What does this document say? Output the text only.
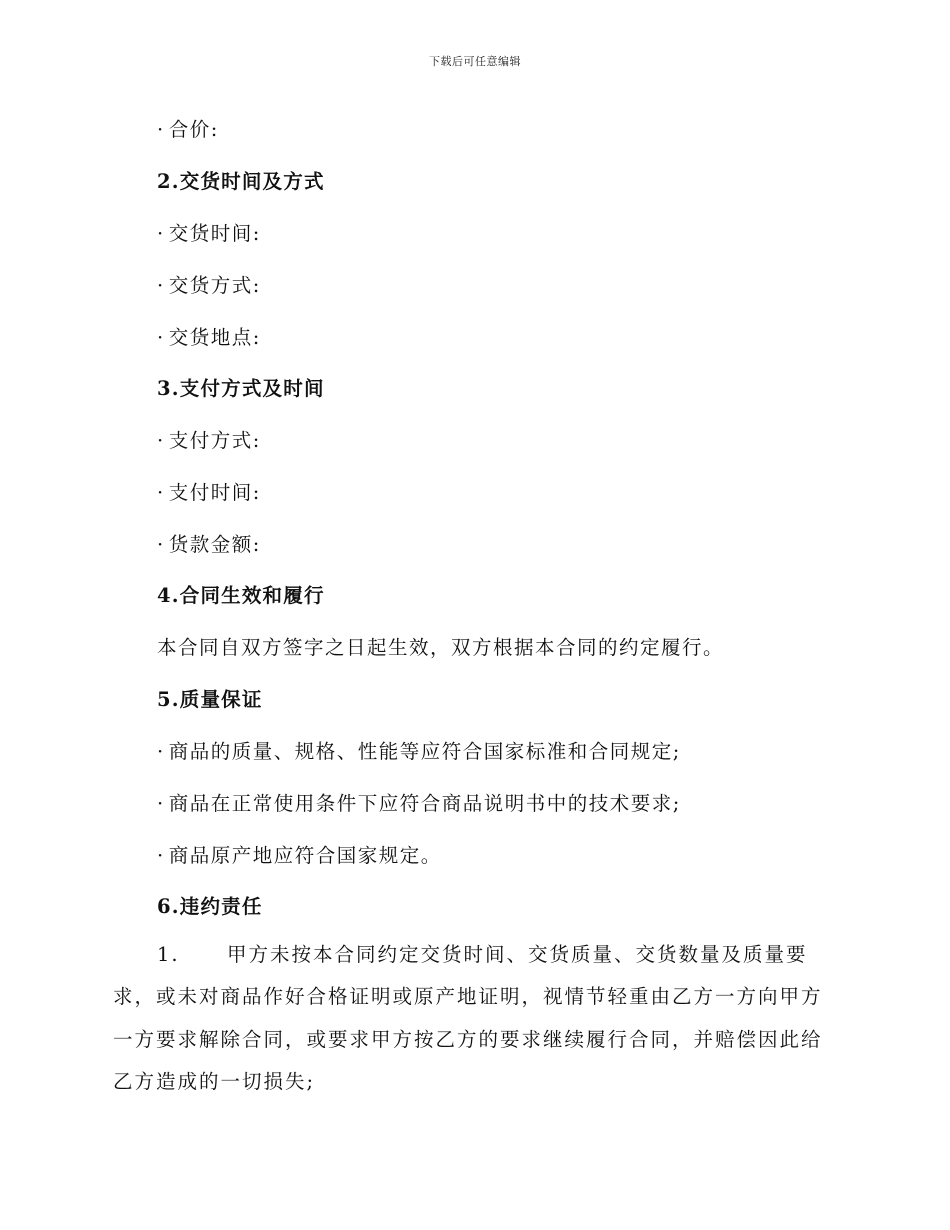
下载后可任意编辑
· 合价:
2.交货时间及方式
· 交货时间:
· 交货方式:
· 交货地点:
3.支付方式及时间
· 支付方式:
· 支付时间:
· 货款金额:
4.合同生效和履行
本合同自双方签字之日起生效，双方根据本合同的约定履行。
5.质量保证
· 商品的质量、规格、性能等应符合国家标准和合同规定;
· 商品在正常使用条件下应符合商品说明书中的技术要求;
· 商品原产地应符合国家规定。
6.违约责任
1. 甲方未按本合同约定交货时间、交货质量、交货数量及质量要
求，或未对商品作好合格证明或原产地证明，视情节轻重由乙方一方向甲方
一方要求解除合同，或要求甲方按乙方的要求继续履行合同，并赔偿因此给
乙方造成的一切损失;
